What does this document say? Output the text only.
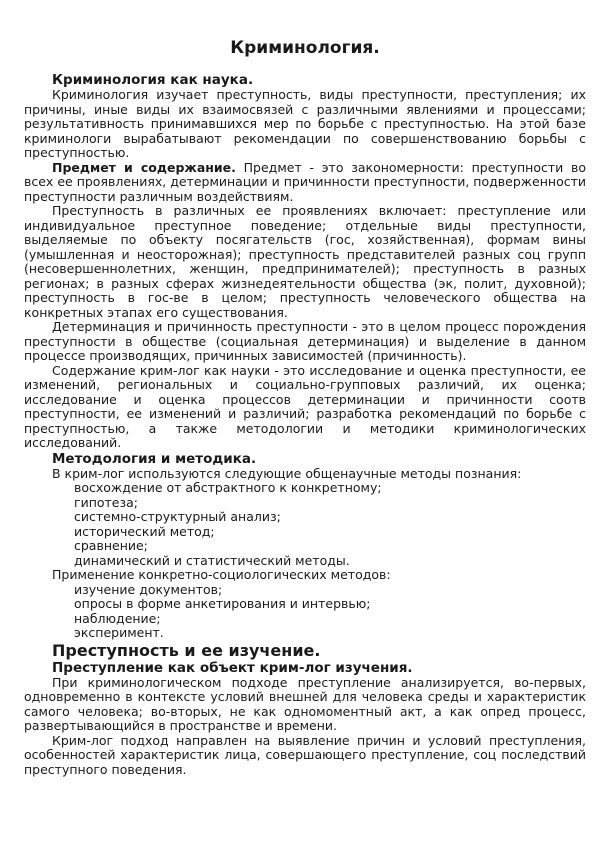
Криминология.
Криминология как наука.

Криминология изучает преступность, виды преступности, преступления; их причины, иные виды их взаимосвязей с различными явлениями и процессами; результативность принимавшихся мер по борьбе с преступностью. На этой базе криминологи вырабатывают рекомендации по совершенствованию борьбы с преступностью.

Предмет и содержание. Предмет - это закономерности: преступности во всех ее проявлениях, детерминации и причинности преступности, подверженности преступности различным воздействиям.

Преступность в различных ее проявлениях включает: преступление или индивидуальное преступное поведение; отдельные виды преступности, выделяемые по объекту посягательств (гос, хозяйственная), формам вины (умышленная и неосторожная); преступность представителей разных соц групп (несовершеннолетних, женщин, предпринимателей); преступность в разных регионах; в разных сферах жизнедеятельности общества (эк, полит, духовной); преступность в гос-ве в целом; преступность человеческого общества на конкретных этапах его существования.

Детерминация и причинность преступности - это в целом процесс порождения преступности в обществе (социальная детерминация) и выделение в данном процессе производящих, причинных зависимостей (причинность).

Содержание крим-лог как науки - это исследование и оценка преступности, ее изменений, региональных и социально-групповых различий, их оценка; исследование и оценка процессов детерминации и причинности соотв преступности, ее изменений и различий; разработка рекомендаций по борьбе с преступностью, а также методологии и методики криминологических исследований.

Методология и методика.

В крим-лог используются следующие общенаучные методы познания:

восхождение от абстрактного к конкретному;
гипотеза;
системно-структурный анализ;
исторический метод;
сравнение;
динамический и статистический методы.

Применение конкретно-социологических методов:

изучение документов;
опросы в форме анкетирования и интервью;
наблюдение;
эксперимент.
Преступность и ее изучение.
Преступление как объект крим-лог изучения.

При криминологическом подходе преступление анализируется, во-первых, одновременно в контексте условий внешней для человека среды и характеристик самого человека; во-вторых, не как одномоментный акт, а как опред процесс, развертывающийся в пространстве и времени.

Крим-лог подход направлен на выявление причин и условий преступления, особенностей характеристик лица, совершающего преступление, соц последствий преступного поведения.
